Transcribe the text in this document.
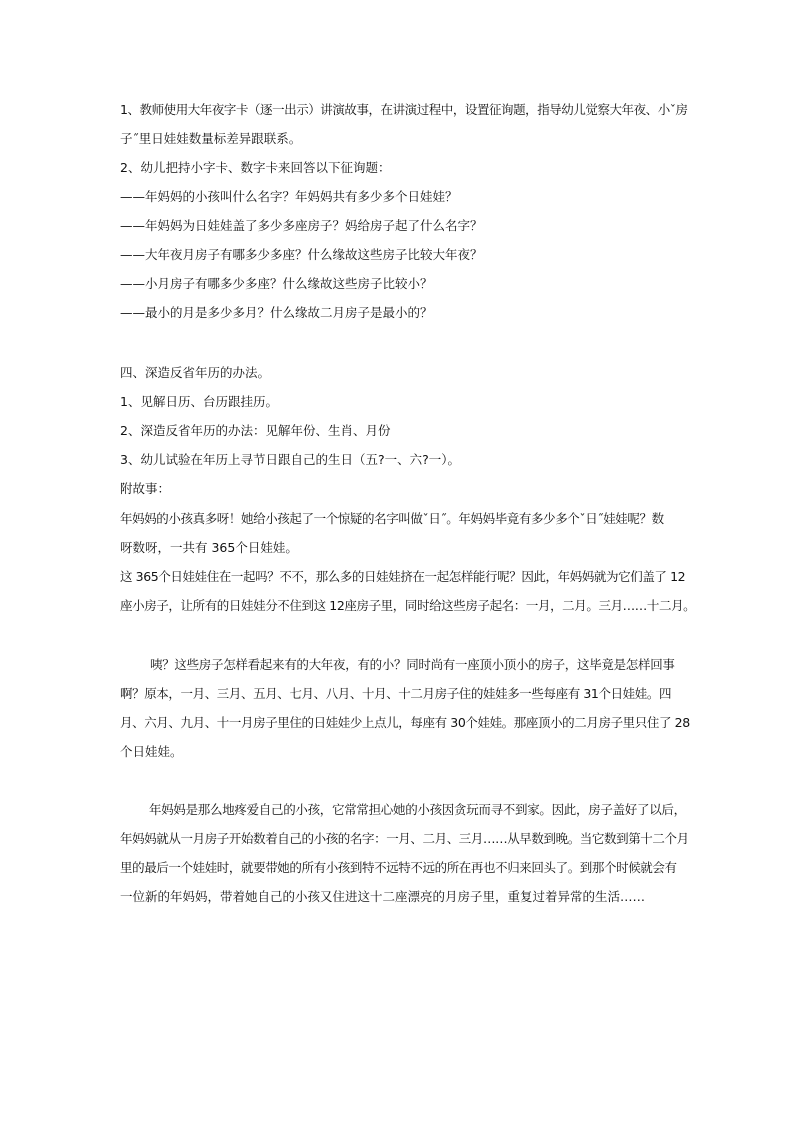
1、教师使用大年夜字卡（逐一出示）讲演故事，在讲演过程中，设置征询题，指导幼儿觉察大年夜、小ˇ房
子˝里日娃娃数量标差异跟联系。
2、幼儿把持小字卡、数字卡来回答以下征询题：
——年妈妈的小孩叫什么名字？年妈妈共有多少多个日娃娃？
——年妈妈为日娃娃盖了多少多座房子？妈给房子起了什么名字？
——大年夜月房子有哪多少多座？什么缘故这些房子比较大年夜？
——小月房子有哪多少多座？什么缘故这些房子比较小？
——最小的月是多少多月？什么缘故二月房子是最小的？
四、深造反省年历的办法。
1、见解日历、台历跟挂历。
2、深造反省年历的办法：见解年份、生肖、月份
3、幼儿试验在年历上寻节日跟自己的生日（五?一、六?一）。
附故事：
年妈妈的小孩真多呀！她给小孩起了一个惊疑的名字叫做ˇ日˝。年妈妈毕竟有多少多个ˇ日˝娃娃呢？数
呀数呀，一共有 365个日娃娃。
这 365个日娃娃住在一起吗？不不，那么多的日娃娃挤在一起怎样能行呢？因此，年妈妈就为它们盖了 12
座小房子，让所有的日娃娃分不住到这 12座房子里，同时给这些房子起名：一月，二月。三月……十二月。
咦？这些房子怎样看起来有的大年夜，有的小？同时尚有一座顶小顶小的房子，这毕竟是怎样回事
啊？原本，一月、三月、五月、七月、八月、十月、十二月房子住的娃娃多一些每座有 31个日娃娃。四
月、六月、九月、十一月房子里住的日娃娃少上点儿，每座有 30个娃娃。那座顶小的二月房子里只住了 28
个日娃娃。
年妈妈是那么地疼爱自己的小孩，它常常担心她的小孩因贪玩而寻不到家。因此，房子盖好了以后，
年妈妈就从一月房子开始数着自己的小孩的名字：一月、二月、三月……从早数到晚。当它数到第十二个月
里的最后一个娃娃时，就要带她的所有小孩到特不远特不远的所在再也不归来回头了。到那个时候就会有
一位新的年妈妈，带着她自己的小孩又住进这十二座漂亮的月房子里，重复过着异常的生活……
